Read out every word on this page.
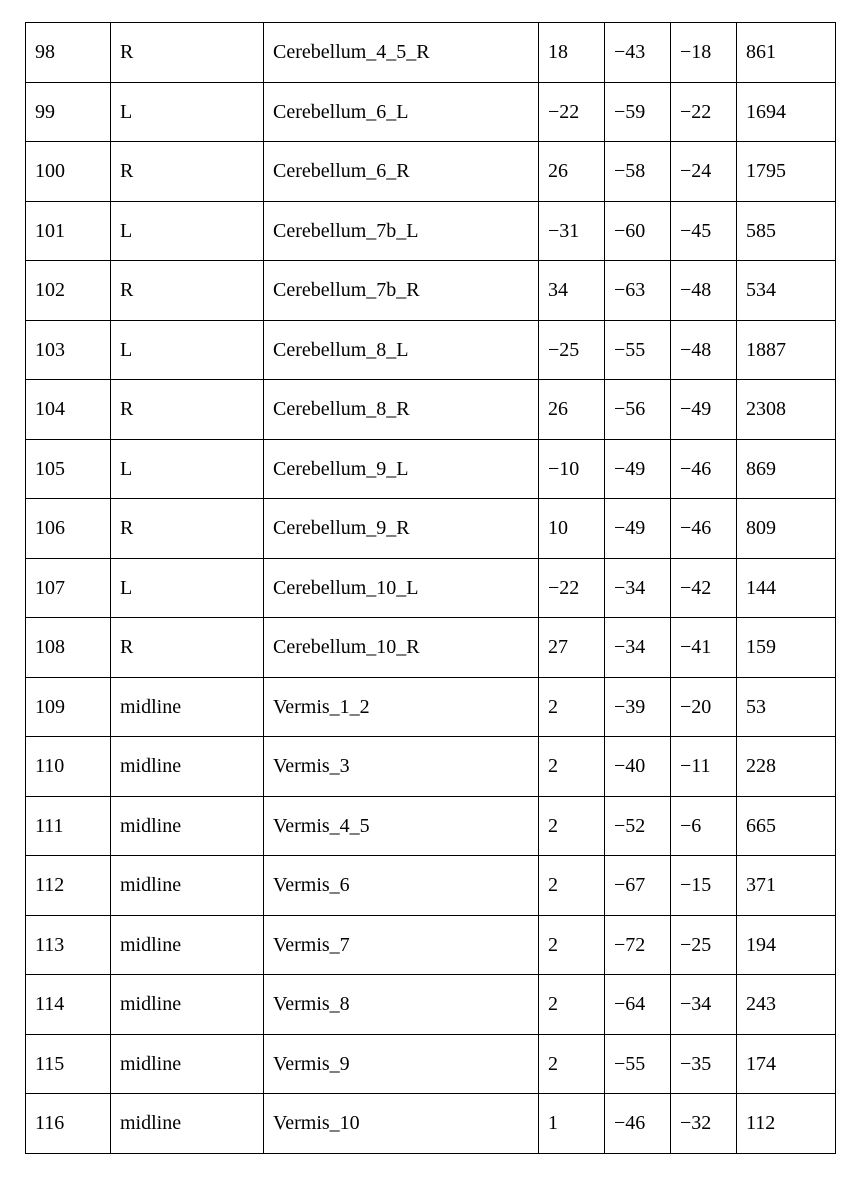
98	R	Cerebellum_4_5_R	18	−43	−18	861
99	L	Cerebellum_6_L	−22	−59	−22	1694
100	R	Cerebellum_6_R	26	−58	−24	1795
101	L	Cerebellum_7b_L	−31	−60	−45	585
102	R	Cerebellum_7b_R	34	−63	−48	534
103	L	Cerebellum_8_L	−25	−55	−48	1887
104	R	Cerebellum_8_R	26	−56	−49	2308
105	L	Cerebellum_9_L	−10	−49	−46	869
106	R	Cerebellum_9_R	10	−49	−46	809
107	L	Cerebellum_10_L	−22	−34	−42	144
108	R	Cerebellum_10_R	27	−34	−41	159
109	midline	Vermis_1_2	2	−39	−20	53
110	midline	Vermis_3	2	−40	−11	228
111	midline	Vermis_4_5	2	−52	−6	665
112	midline	Vermis_6	2	−67	−15	371
113	midline	Vermis_7	2	−72	−25	194
114	midline	Vermis_8	2	−64	−34	243
115	midline	Vermis_9	2	−55	−35	174
116	midline	Vermis_10	1	−46	−32	112
